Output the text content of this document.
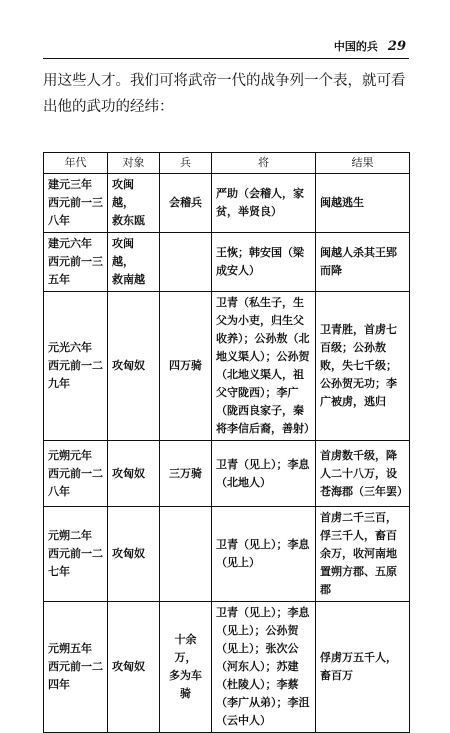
中国的兵 29

用这些人才。我们可将武帝一代的战争列一个表，就可看出他的武功的经纬：

年代	对象	兵	将	结果
建元三年
西元前一三
八年	攻闽越，
救东瓯	会稽兵	严助（会稽人，家贫，举贤良）	闽越逃生
建元六年
西元前一三
五年	攻闽越，
救南越		王恢；韩安国（梁成安人）	闽越人杀其王郢而降
元光六年
西元前一二
九年	攻匈奴	四万骑	卫青（私生子，生父为小吏，归生父收养）；公孙敖（北地义渠人）；公孙贺（北地义渠人，祖父守陇西）；李广（陇西良家子，秦将李信后裔，善射）	卫青胜，首虏七百级；公孙敖败，失七千级；公孙贺无功；李广被虏，逃归
元朔元年
西元前一二
八年	攻匈奴	三万骑	卫青（见上）；李息（北地人）	首虏数千级，降人二十八万，设苍海郡（三年罢）
元朔二年
西元前一二
七年	攻匈奴		卫青（见上）；李息（见上）	首虏二千三百，俘三千人，畜百余万，收河南地置朔方郡、五原郡
元朔五年
西元前一二
四年	攻匈奴	十余万，
多为车骑	卫青（见上）；李息（见上）；公孙贺（见上）；张次公（河东人）；苏建（杜陵人）；李蔡（李广从弟）；李沮（云中人）	俘虏万五千人，畜百万
